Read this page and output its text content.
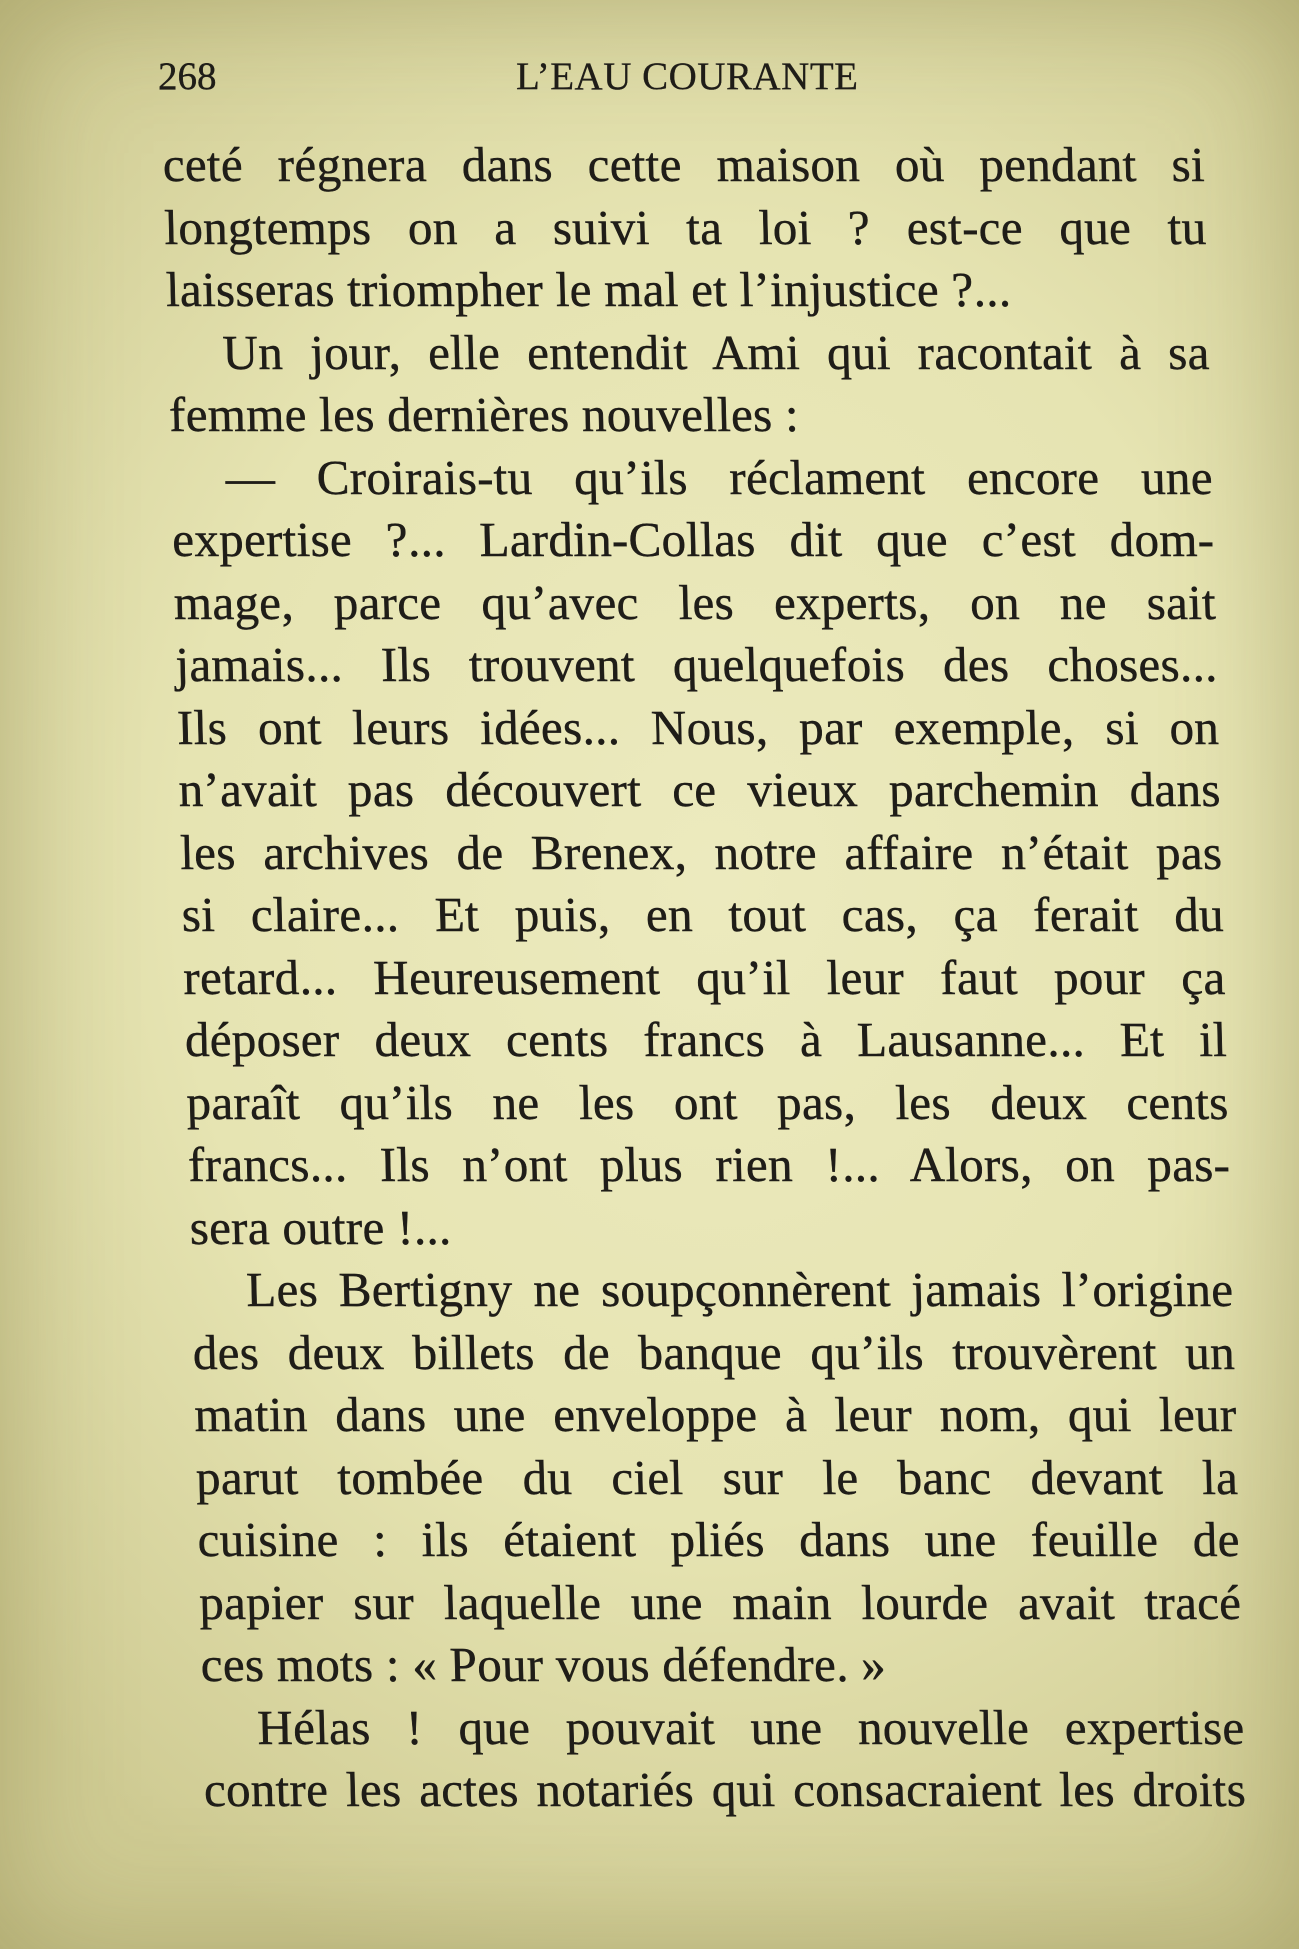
268	L’EAU COURANTE
ceté régnera dans cette maison où pendant si
longtemps on a suivi ta loi ? est-ce que tu
laisseras triompher le mal et l’injustice ?...
Un jour, elle entendit Ami qui racontait à sa
femme les dernières nouvelles :
— Croirais-tu qu’ils réclament encore une
expertise ?... Lardin-Collas dit que c’est dom-
mage, parce qu’avec les experts, on ne sait
jamais... Ils trouvent quelquefois des choses...
Ils ont leurs idées... Nous, par exemple, si on
n’avait pas découvert ce vieux parchemin dans
les archives de Brenex, notre affaire n’était pas
si claire... Et puis, en tout cas, ça ferait du
retard... Heureusement qu’il leur faut pour ça
déposer deux cents francs à Lausanne... Et il
paraît qu’ils ne les ont pas, les deux cents
francs... Ils n’ont plus rien !... Alors, on pas-
sera outre !...
Les Bertigny ne soupçonnèrent jamais l’origine
des deux billets de banque qu’ils trouvèrent un
matin dans une enveloppe à leur nom, qui leur
parut tombée du ciel sur le banc devant la
cuisine : ils étaient pliés dans une feuille de
papier sur laquelle une main lourde avait tracé
ces mots : « Pour vous défendre. »
Hélas ! que pouvait une nouvelle expertise
contre les actes notariés qui consacraient les droits
